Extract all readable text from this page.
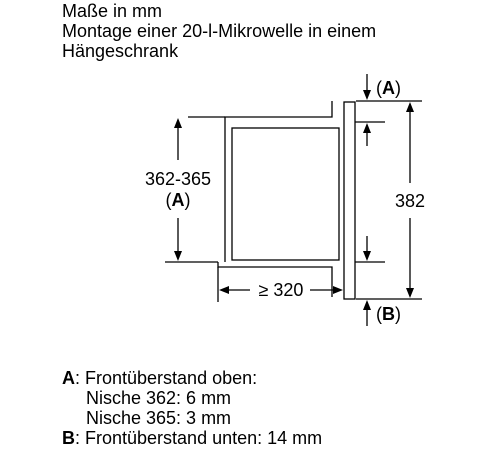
Maße in mm
Montage einer 20-l-Mikrowelle in einem
Hängeschrank
(A)
(B)
362-365
(A)	382
≥ 320
A: Frontüberstand oben:
Nische 362: 6 mm
Nische 365: 3 mm
B: Frontüberstand unten: 14 mm
